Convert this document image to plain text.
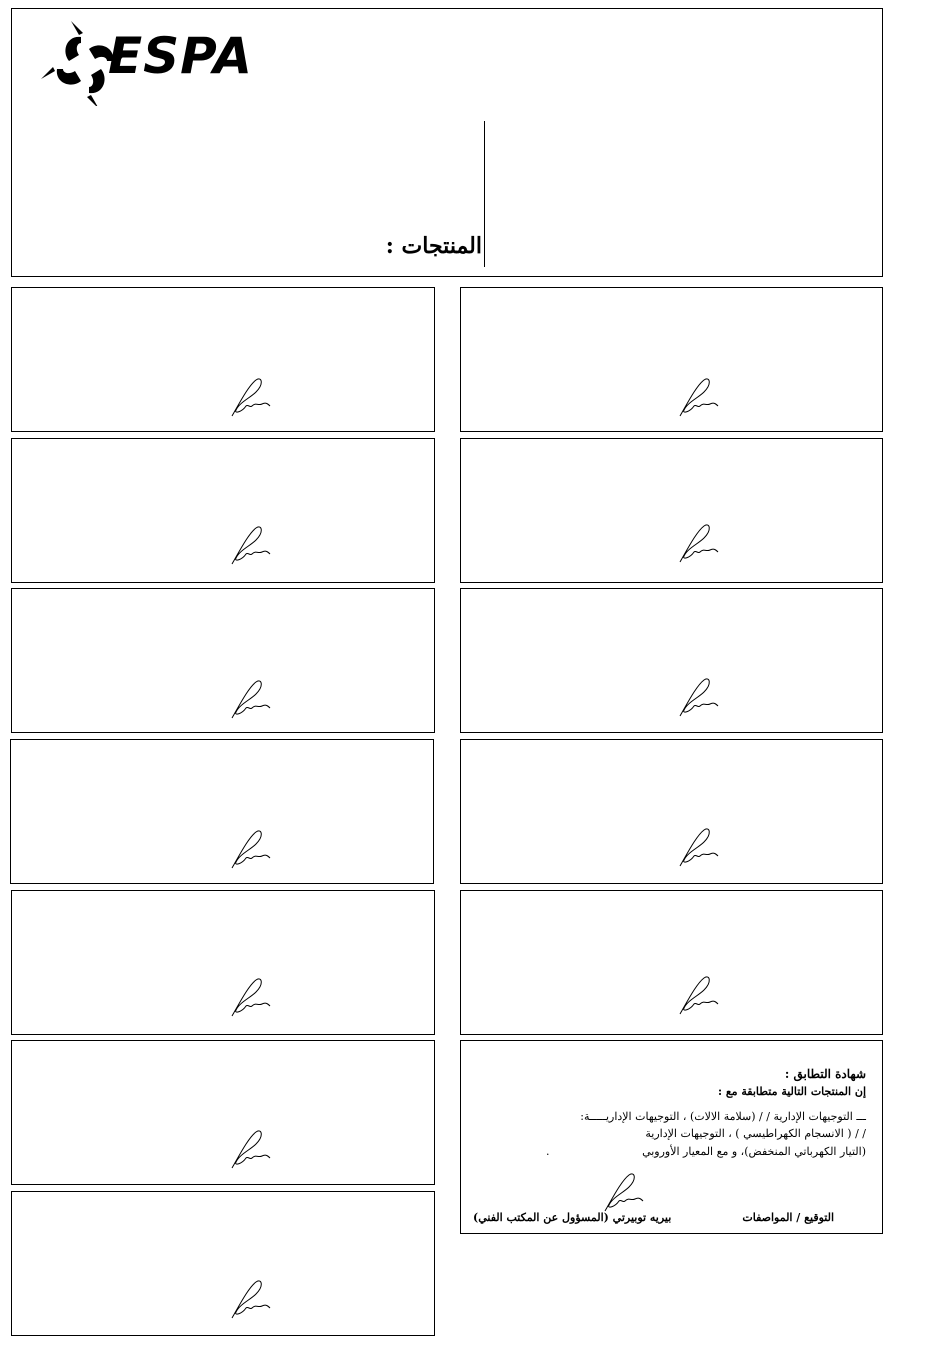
ESPA
المنتجات :
شهادة التطابق :
إن المنتجات التالية متطابقة مع :
ـــ التوجيهات الإدارية / / (سلامة الالات) ، التوجيهات الإداريـــــة:
/ / ( الانسجام الكهراطيسي ) ، التوجيهات الإدارية
(التيار الكهرباتي المنخفض)، و مع المعيار الأوروبي
.
التوقيع / المواصفات
بيريه توبيرتي (المسؤول عن المكتب الفني)
